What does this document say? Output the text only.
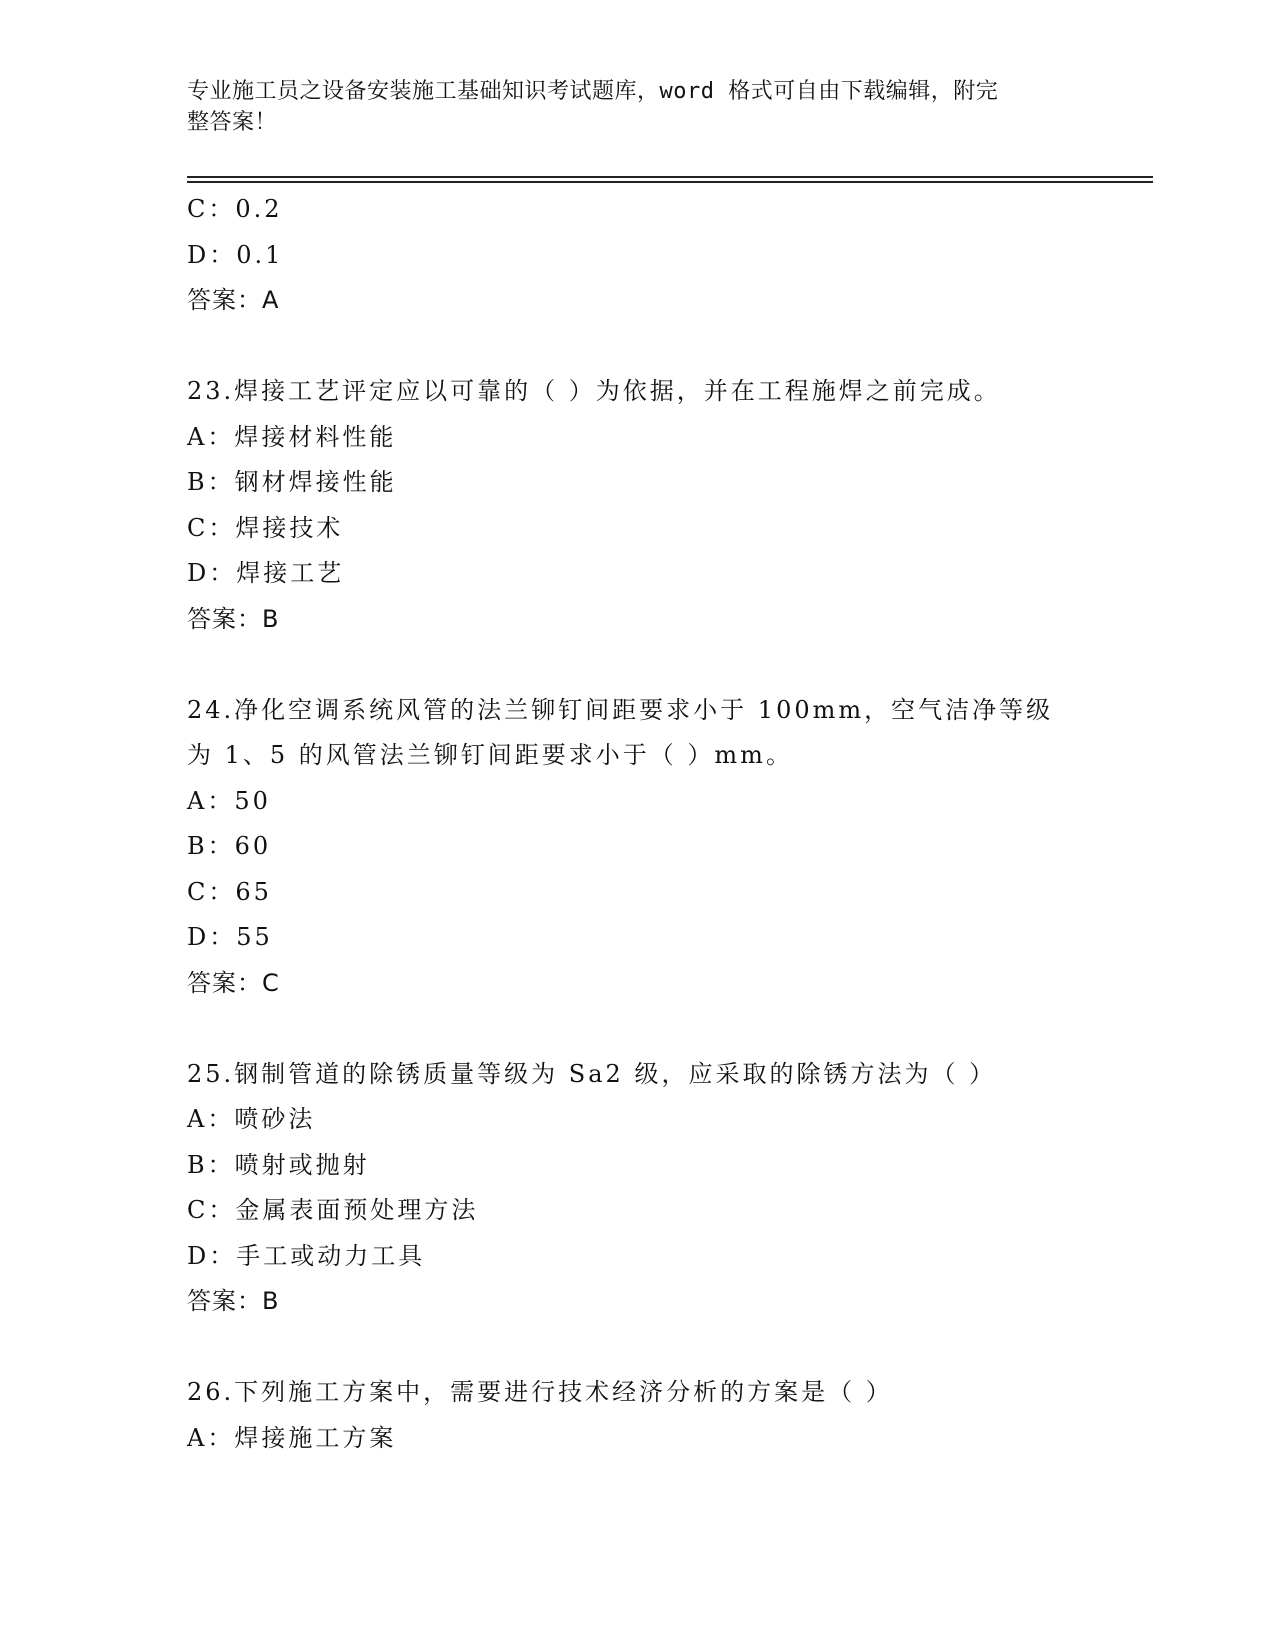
专业施工员之设备安装施工基础知识考试题库，word 格式可自由下载编辑，附完
整答案！
C：0.2
D：0.1
答案：A
23.焊接工艺评定应以可靠的（ ）为依据，并在工程施焊之前完成。
A：焊接材料性能
B：钢材焊接性能
C：焊接技术
D：焊接工艺
答案：B
24.净化空调系统风管的法兰铆钉间距要求小于 100mm，空气洁净等级
为 1、5 的风管法兰铆钉间距要求小于（ ）mm。
A：50
B：60
C：65
D：55
答案：C
25.钢制管道的除锈质量等级为 Sa2 级，应采取的除锈方法为（ ）
A：喷砂法
B：喷射或抛射
C：金属表面预处理方法
D：手工或动力工具
答案：B
26.下列施工方案中，需要进行技术经济分析的方案是（ ）
A：焊接施工方案
